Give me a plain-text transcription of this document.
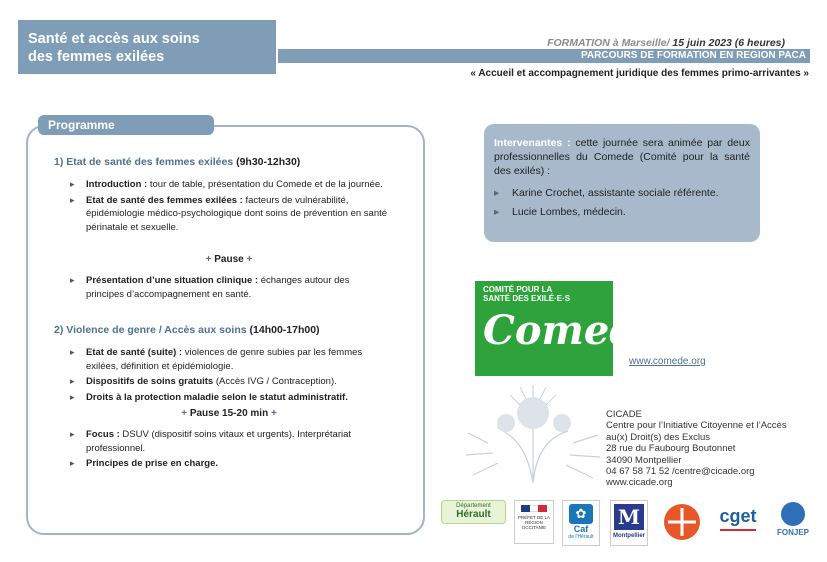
Santé et accès aux soins
des femmes exilées
FORMATION à Marseille/ 15 juin 2023 (6 heures)
PARCOURS DE FORMATION EN REGION PACA
« Accueil et accompagnement juridique des femmes primo-arrivantes »
Programme
1) Etat de santé des femmes exilées (9h30-12h30)
▸ Introduction : tour de table, présentation du Comede et de la journée.
▸ Etat de santé des femmes exilées : facteurs de vulnérabilité, épidémiologie médico-psychologique dont soins de prévention en santé périnatale et sexuelle.
+ Pause +
▸ Présentation d’une situation clinique : échanges autour des principes d’accompagnement en santé.
2) Violence de genre / Accès aux soins (14h00-17h00)
▸ Etat de santé (suite) : violences de genre subies par les femmes exilées, définition et épidémiologie.
▸ Dispositifs de soins gratuits (Accès IVG / Contraception).
▸ Droits à la protection maladie selon le statut administratif.
+ Pause 15-20 min +
▸ Focus : DSUV (dispositif soins vitaux et urgents). Interprétariat professionnel.
▸ Principes de prise en charge.
Intervenantes : cette journée sera animée par deux professionnelles du Comede (Comité pour la santé des exilés) :
▸ Karine Crochet, assistante sociale référente.
▸ Lucie Lombes, médecin.
COMITÉ POUR LA
SANTÉ DES EXILÉ·E·S
Comede
www.comede.org
CICADE
Centre pour l’Initiative Citoyenne et l’Accès
au(x) Droit(s) des Exclus
28 rue du Faubourg Boutonnet
34090 Montpellier
04 67 58 71 52 /centre@cicade.org
www.cicade.org
Département
Hérault	PRÉFET DE LA RÉGION OCCITANIE
✿
Caf
de l'Hérault
M
Montpellier
cget
FONJEP
